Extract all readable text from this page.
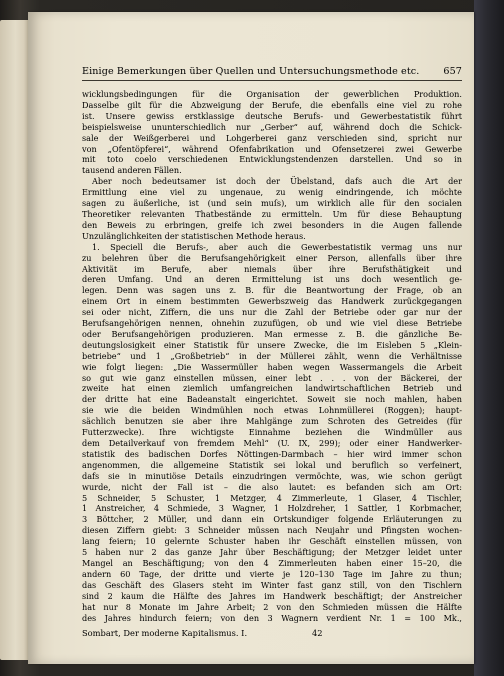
Einige Bemerkungen über Quellen und Untersuchungsmethode etc. 657
wicklungsbedingungen für die Organisation der gewerblichen Produktion.
Dasselbe gilt für die Abzweigung der Berufe, die ebenfalls eine viel zu rohe
ist. Unsere gewiss erstklassige deutsche Berufs- und Gewerbestatistik führt
beispielsweise ununterschiedlich nur „Gerber“ auf, während doch die Schick-
sale der Weißgerberei und Lohgerberei ganz verschieden sind, spricht nur
von „Ofentöpferei“, während Ofenfabrikation und Ofensetzerei zwei Gewerbe
mit toto coelo verschiedenen Entwicklungstendenzen darstellen. Und so in
tausend anderen Fällen.
Aber noch bedeutsamer ist doch der Übelstand, dafs auch die Art der
Ermittlung eine viel zu ungenaue, zu wenig eindringende, ich möchte
sagen zu äußerliche, ist (und sein muſs), um wirklich alle für den socialen
Theoretiker relevanten Thatbestände zu ermitteln. Um für diese Behauptung
den Beweis zu erbringen, greife ich zwei besonders in die Augen fallende
Unzulänglichkeiten der statistischen Methode heraus.
1. Speciell die Berufs-, aber auch die Gewerbestatistik vermag uns nur
zu belehren über die Berufsangehörigkeit einer Person, allenfalls über ihre
Aktivität im Berufe, aber niemals über ihre Berufsthätigkeit und
deren Umfang. Und an deren Ermittelung ist uns doch wesentlich ge-
legen. Denn was sagen uns z. B. für die Beantwortung der Frage, ob an
einem Ort in einem bestimmten Gewerbszweig das Handwerk zurückgegangen
sei oder nicht, Ziffern, die uns nur die Zahl der Betriebe oder gar nur der
Berufsangehörigen nennen, ohnehin zuzufügen, ob und wie viel diese Betriebe
oder Berufsangehörigen produzieren. Man ermesse z. B. die gänzliche Be-
deutungslosigkeit einer Statistik für unsere Zwecke, die im Eisleben 5 „Klein-
betriebe“ und 1 „Großbetrieb“ in der Müllerei zählt, wenn die Verhältnisse
wie folgt liegen: „Die Wassermüller haben wegen Wassermangels die Arbeit
so gut wie ganz einstellen müssen, einer lebt . . . von der Bäckerei, der
zweite hat einen ziemlich umfangreichen landwirtschaftlichen Betrieb und
der dritte hat eine Badeanstalt eingerichtet. Soweit sie noch mahlen, haben
sie wie die beiden Windmühlen noch etwas Lohnmüllerei (Roggen); haupt-
sächlich benutzen sie aber ihre Mahlgänge zum Schroten des Getreides (für
Futterzwecke). Ihre wichtigste Einnahme beziehen die Windmüller aus
dem Detailverkauf von fremdem Mehl“ (U. IX, 299); oder einer Handwerker-
statistik des badischen Dorfes Nöttingen-Darmbach – hier wird immer schon
angenommen, die allgemeine Statistik sei lokal und beruflich so verfeinert,
dafs sie in minutiöse Details einzudringen vermöchte, was, wie schon gerügt
wurde, nicht der Fall ist – die also lautet: es befanden sich am Ort:
5 Schneider, 5 Schuster, 1 Metzger, 4 Zimmerleute, 1 Glaser, 4 Tischler,
1 Anstreicher, 4 Schmiede, 3 Wagner, 1 Holzdreher, 1 Sattler, 1 Korbmacher,
3 Böttcher, 2 Müller, und dann ein Ortskundiger folgende Erläuterungen zu
diesen Ziffern giebt: 3 Schneider müssen nach Neujahr und Pfingsten wochen-
lang feiern; 10 gelernte Schuster haben ihr Geschäft einstellen müssen, von
5 haben nur 2 das ganze Jahr über Beschäftigung; der Metzger leidet unter
Mangel an Beschäftigung; von den 4 Zimmerleuten haben einer 15–20, die
andern 60 Tage, der dritte und vierte je 120–130 Tage im Jahre zu thun;
das Geschäft des Glasers steht im Winter fast ganz still, von den Tischlern
sind 2 kaum die Hälfte des Jahres im Handwerk beschäftigt; der Anstreicher
hat nur 8 Monate im Jahre Arbeit; 2 von den Schmieden müssen die Hälfte
des Jahres hindurch feiern; von den 3 Wagnern verdient Nr. 1 = 100 Mk.,
Sombart, Der moderne Kapitalismus. I.	42
